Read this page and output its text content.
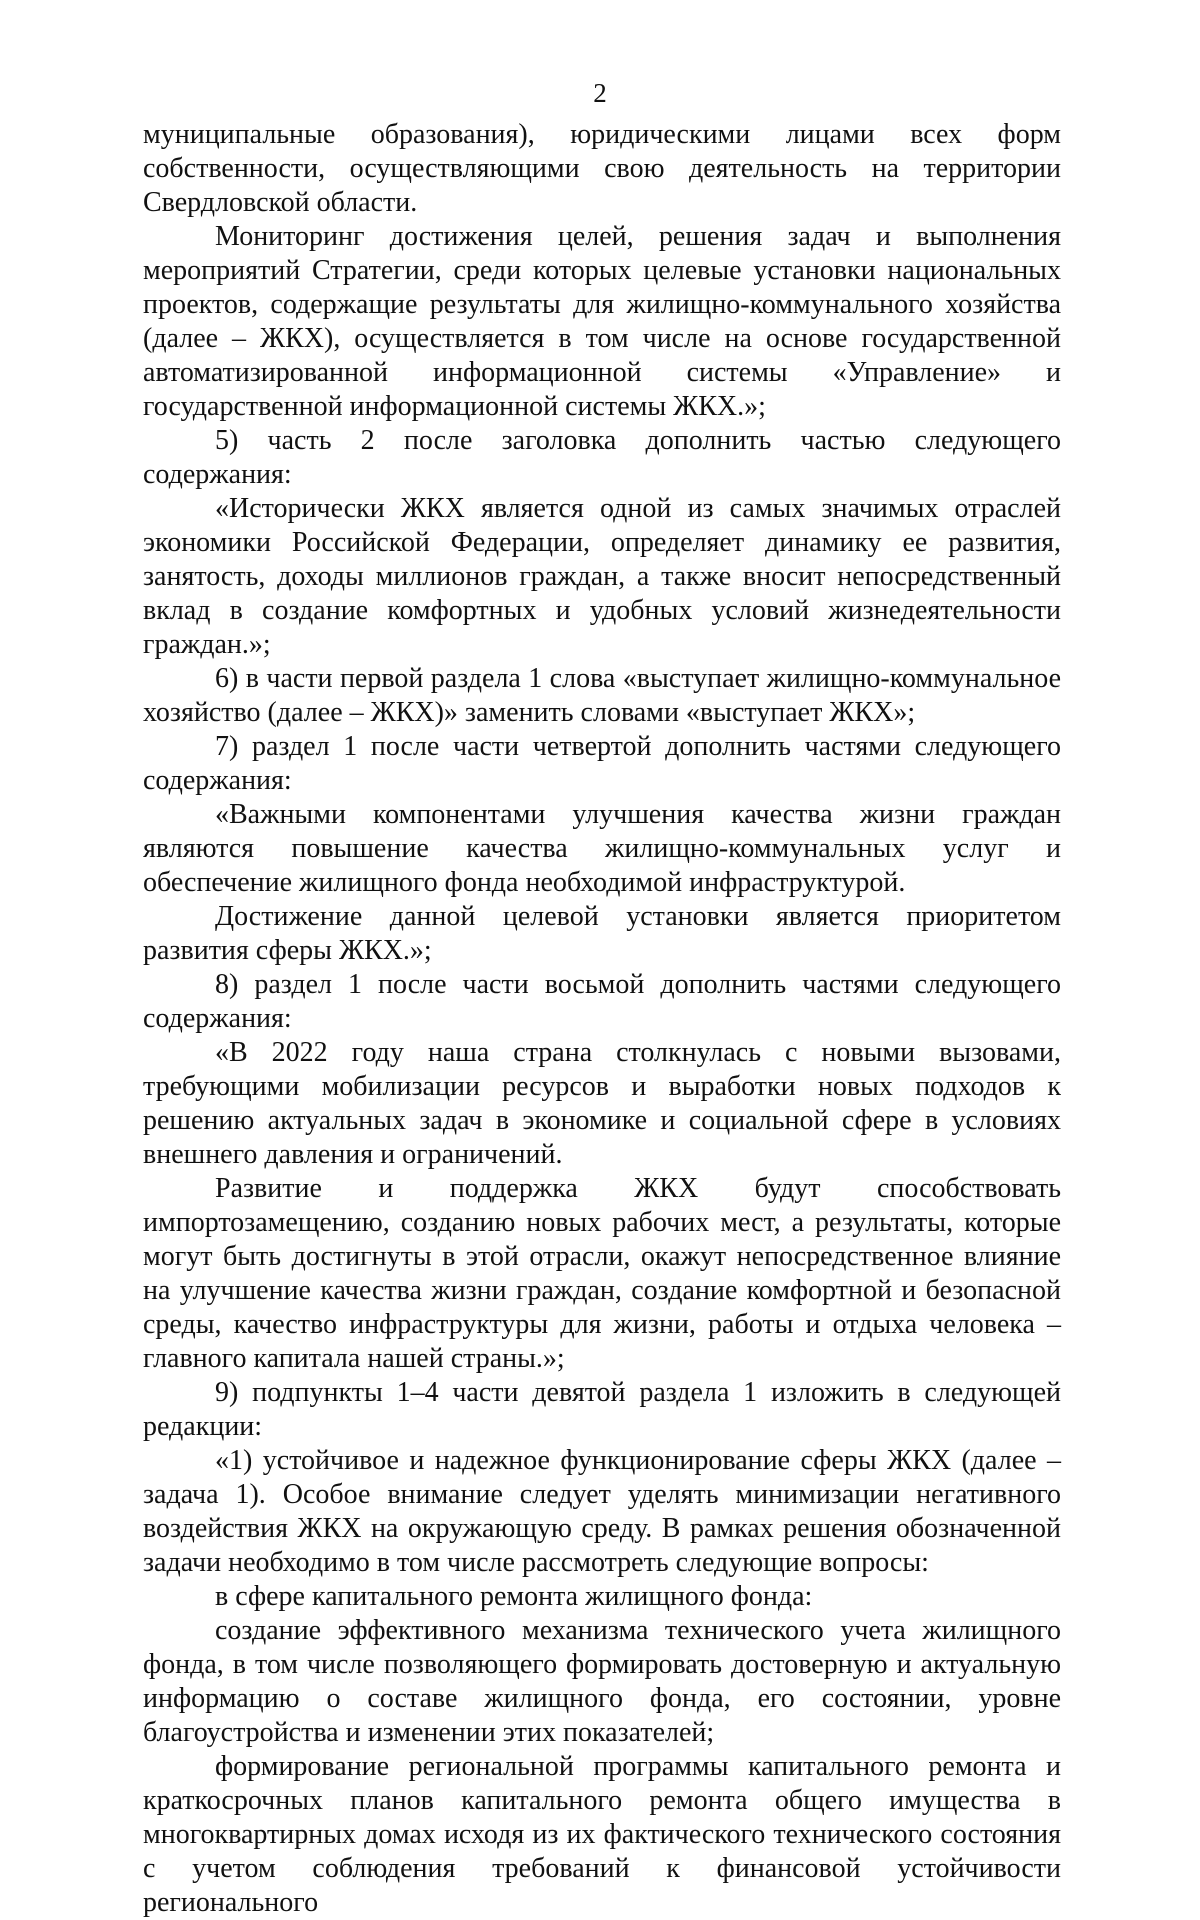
2

муниципальные образования), юридическими лицами всех форм собственности, осуществляющими свою деятельность на территории Свердловской области.

Мониторинг достижения целей, решения задач и выполнения мероприятий Стратегии, среди которых целевые установки национальных проектов, содержащие результаты для жилищно-коммунального хозяйства (далее – ЖКХ), осуществляется в том числе на основе государственной автоматизированной информационной системы «Управление» и государственной информационной системы ЖКХ.»;

5) часть 2 после заголовка дополнить частью следующего содержания:

«Исторически ЖКХ является одной из самых значимых отраслей экономики Российской Федерации, определяет динамику ее развития, занятость, доходы миллионов граждан, а также вносит непосредственный вклад в создание комфортных и удобных условий жизнедеятельности граждан.»;

6) в части первой раздела 1 слова «выступает жилищно-коммунальное хозяйство (далее – ЖКХ)» заменить словами «выступает ЖКХ»;

7) раздел 1 после части четвертой дополнить частями следующего содержания:

«Важными компонентами улучшения качества жизни граждан являются повышение качества жилищно-коммунальных услуг и обеспечение жилищного фонда необходимой инфраструктурой.

Достижение данной целевой установки является приоритетом развития сферы ЖКХ.»;

8) раздел 1 после части восьмой дополнить частями следующего содержания:

«В 2022 году наша страна столкнулась с новыми вызовами, требующими мобилизации ресурсов и выработки новых подходов к решению актуальных задач в экономике и социальной сфере в условиях внешнего давления и ограничений.

Развитие и поддержка ЖКХ будут способствовать импортозамещению, созданию новых рабочих мест, а результаты, которые могут быть достигнуты в этой отрасли, окажут непосредственное влияние на улучшение качества жизни граждан, создание комфортной и безопасной среды, качество инфраструктуры для жизни, работы и отдыха человека – главного капитала нашей страны.»;

9) подпункты 1–4 части девятой раздела 1 изложить в следующей редакции:

«1) устойчивое и надежное функционирование сферы ЖКХ (далее – задача 1). Особое внимание следует уделять минимизации негативного воздействия ЖКХ на окружающую среду. В рамках решения обозначенной задачи необходимо в том числе рассмотреть следующие вопросы:

в сфере капитального ремонта жилищного фонда:

создание эффективного механизма технического учета жилищного фонда, в том числе позволяющего формировать достоверную и актуальную информацию о составе жилищного фонда, его состоянии, уровне благоустройства и изменении этих показателей;

формирование региональной программы капитального ремонта и краткосрочных планов капитального ремонта общего имущества в многоквартирных домах исходя из их фактического технического состояния с учетом соблюдения требований к финансовой устойчивости регионального
